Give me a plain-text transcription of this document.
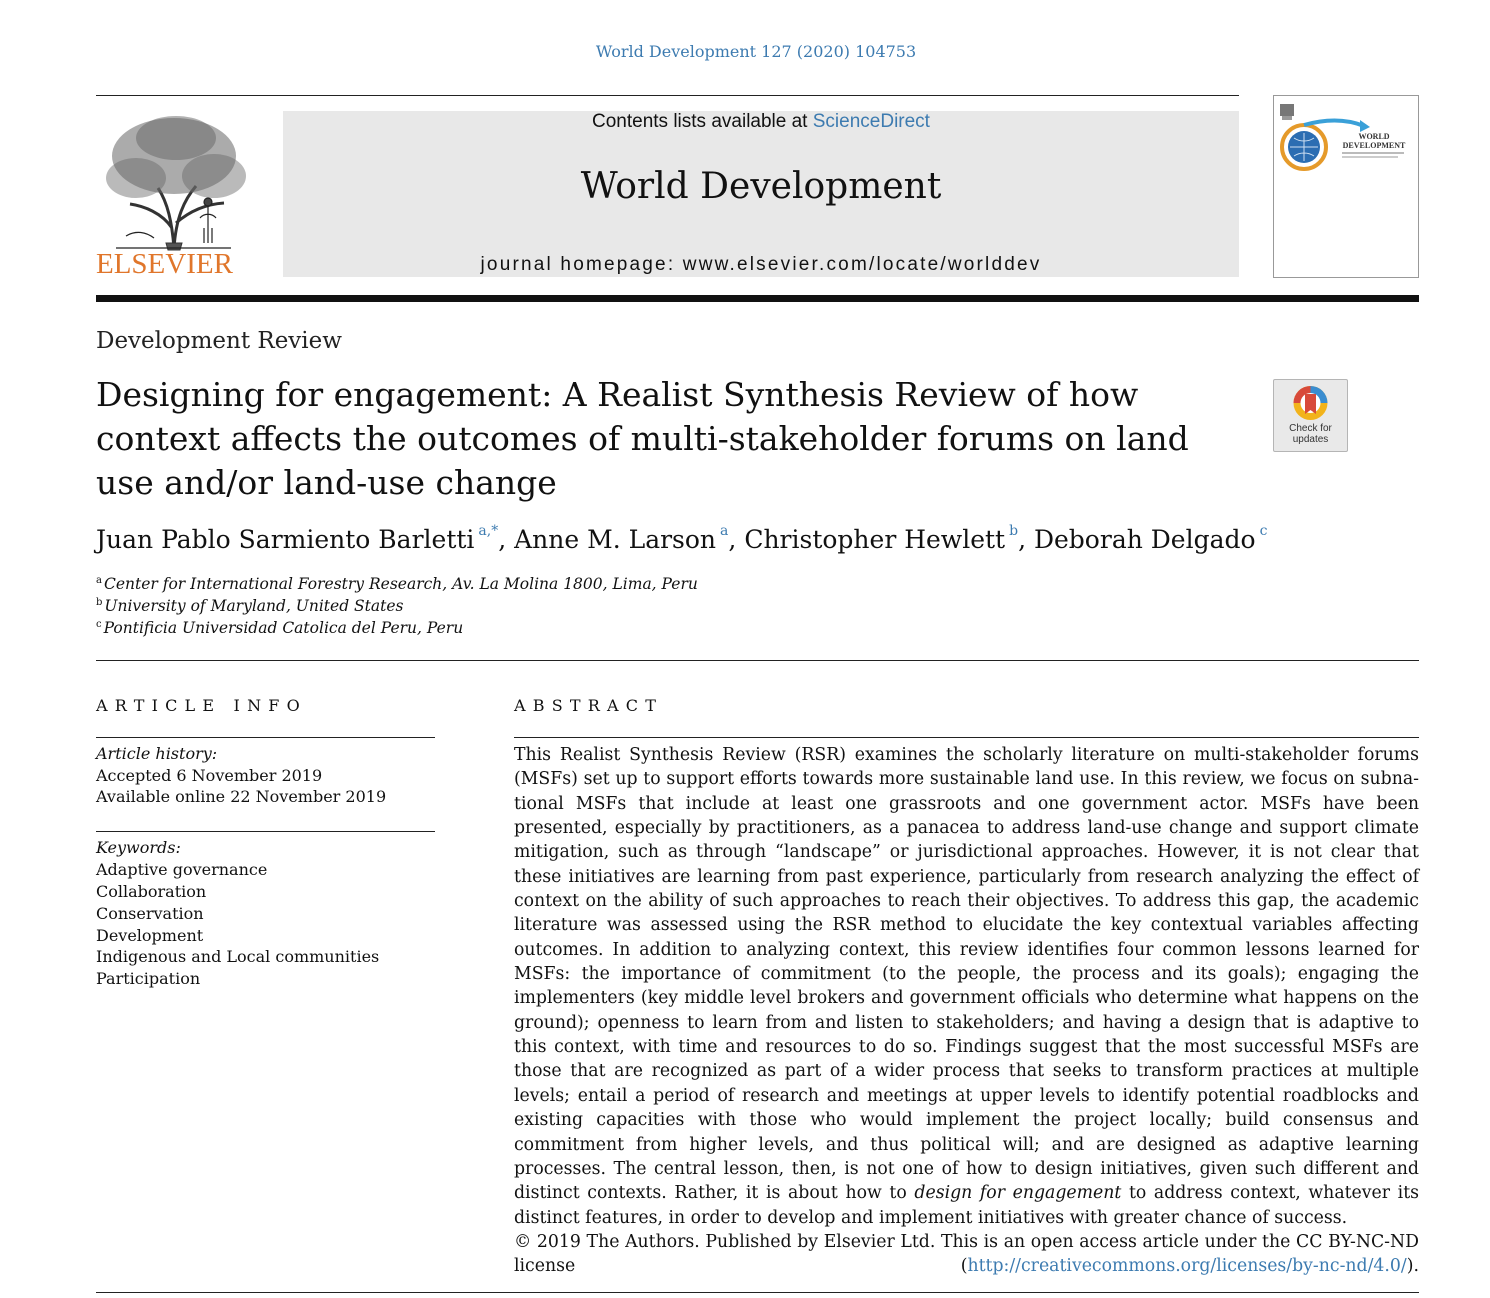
World Development 127 (2020) 104753
ELSEVIER
Contents lists available at ScienceDirect
World Development
journal homepage: www.elsevier.com/locate/worlddev
WORLD
DEVELOPMENT
Development Review
Designing for engagement: A Realist Synthesis Review of how context affects the outcomes of multi-stakeholder forums on land use and/or land-use change
Check for
updates
Juan Pablo Sarmiento Barletti $^{a,*}$, Anne M. Larson $^a$, Christopher Hewlett $^b$, Deborah Delgado $^c$
$^a$ Center for International Forestry Research, Av. La Molina 1800, Lima, Peru
$^b$ University of Maryland, United States
$^c$ Pontificia Universidad Catolica del Peru, Peru
ARTICLE INFO
Article history:
Accepted 6 November 2019
Available online 22 November 2019
Keywords:
Adaptive governance
Collaboration
Conservation
Development
Indigenous and Local communities
Participation
ABSTRACT
This Realist Synthesis Review (RSR) examines the scholarly literature on multi-stakeholder forums (MSFs) set up to support efforts towards more sustainable land use. In this review, we focus on subnational MSFs that include at least one grassroots and one government actor. MSFs have been presented, especially by practitioners, as a panacea to address land-use change and support climate mitigation, such as through “landscape” or jurisdictional approaches. However, it is not clear that these initiatives are learning from past experience, particularly from research analyzing the effect of context on the ability of such approaches to reach their objectives. To address this gap, the academic literature was assessed using the RSR method to elucidate the key contextual variables affecting outcomes. In addition to analyzing context, this review identifies four common lessons learned for MSFs: the importance of commitment (to the people, the process and its goals); engaging the implementers (key middle level brokers and government officials who determine what happens on the ground); openness to learn from and listen to stakeholders; and having a design that is adaptive to this context, with time and resources to do so. Findings suggest that the most successful MSFs are those that are recognized as part of a wider process that seeks to transform practices at multiple levels; entail a period of research and meetings at upper levels to identify potential roadblocks and existing capacities with those who would implement the project locally; build consensus and commitment from higher levels, and thus political will; and are designed as adaptive learning processes. The central lesson, then, is not one of how to design initiatives, given such different and distinct contexts. Rather, it is about how to design for engagement to address context, whatever its distinct features, in order to develop and implement initiatives with greater chance of success.
© 2019 The Authors. Published by Elsevier Ltd. This is an open access article under the CC BY-NC-ND license	(http://creativecommons.org/licenses/by-nc-nd/4.0/).
